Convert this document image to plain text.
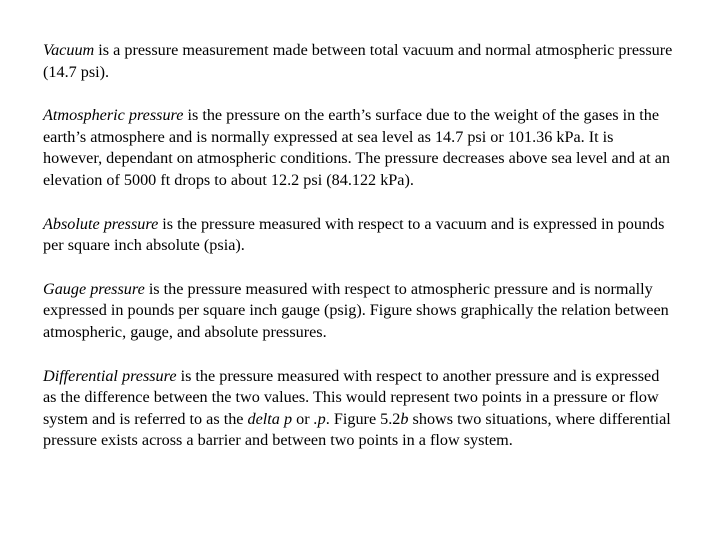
Vacuum is a pressure measurement made between total vacuum and normal atmospheric pressure (14.7 psi).

Atmospheric pressure is the pressure on the earth’s surface due to the weight of the gases in the earth’s atmosphere and is normally expressed at sea level as 14.7 psi or 101.36 kPa. It is however, dependant on atmospheric conditions. The pressure decreases above sea level and at an elevation of 5000 ft drops to about 12.2 psi (84.122 kPa).

Absolute pressure is the pressure measured with respect to a vacuum and is expressed in pounds per square inch absolute (psia).

Gauge pressure is the pressure measured with respect to atmospheric pressure and is normally expressed in pounds per square inch gauge (psig). Figure shows graphically the relation between atmospheric, gauge, and absolute pressures.

Differential pressure is the pressure measured with respect to another pressure and is expressed as the difference between the two values. This would represent two points in a pressure or flow system and is referred to as the delta p or .p. Figure 5.2b shows two situations, where differential pressure exists across a barrier and between two points in a flow system.
